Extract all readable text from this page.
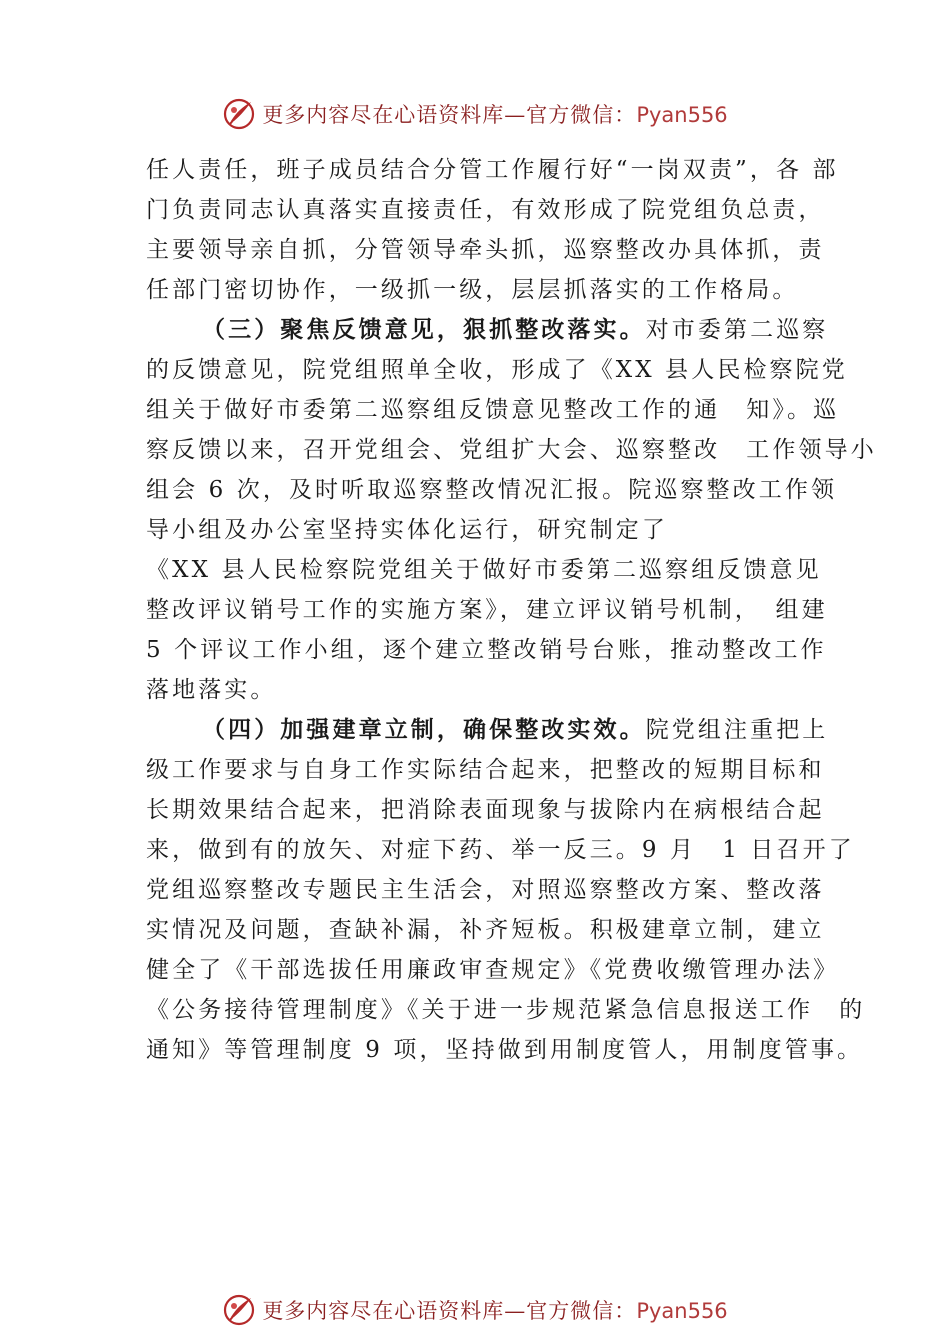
更多内容尽在心语资料库—官方微信：Pyan556
任人责任，班子成员结合分管工作履行好“一岗双责”，各 部
门负责同志认真落实直接责任，有效形成了院党组负总责，
主要领导亲自抓，分管领导牵头抓，巡察整改办具体抓，责
任部门密切协作，一级抓一级，层层抓落实的工作格局。
（三）聚焦反馈意见，狠抓整改落实。对市委第二巡察
的反馈意见，院党组照单全收，形成了《XX 县人民检察院党
组关于做好市委第二巡察组反馈意见整改工作的通　知》。巡
察反馈以来，召开党组会、党组扩大会、巡察整改　工作领导小
组会 6 次，及时听取巡察整改情况汇报。院巡察整改工作领
导小组及办公室坚持实体化运行，研究制定了
《XX 县人民检察院党组关于做好市委第二巡察组反馈意见
整改评议销号工作的实施方案》，建立评议销号机制，　组建
5 个评议工作小组，逐个建立整改销号台账，推动整改工作
落地落实。
（四）加强建章立制，确保整改实效。院党组注重把上
级工作要求与自身工作实际结合起来，把整改的短期目标和
长期效果结合起来，把消除表面现象与拔除内在病根结合起
来，做到有的放矢、对症下药、举一反三。9 月　1 日召开了
党组巡察整改专题民主生活会，对照巡察整改方案、整改落
实情况及问题，查缺补漏，补齐短板。积极建章立制，建立
健全了《干部选拔任用廉政审查规定》《党费收缴管理办法》
《公务接待管理制度》《关于进一步规范紧急信息报送工作　的
通知》等管理制度 9 项，坚持做到用制度管人，用制度管事。
更多内容尽在心语资料库—官方微信：Pyan556
